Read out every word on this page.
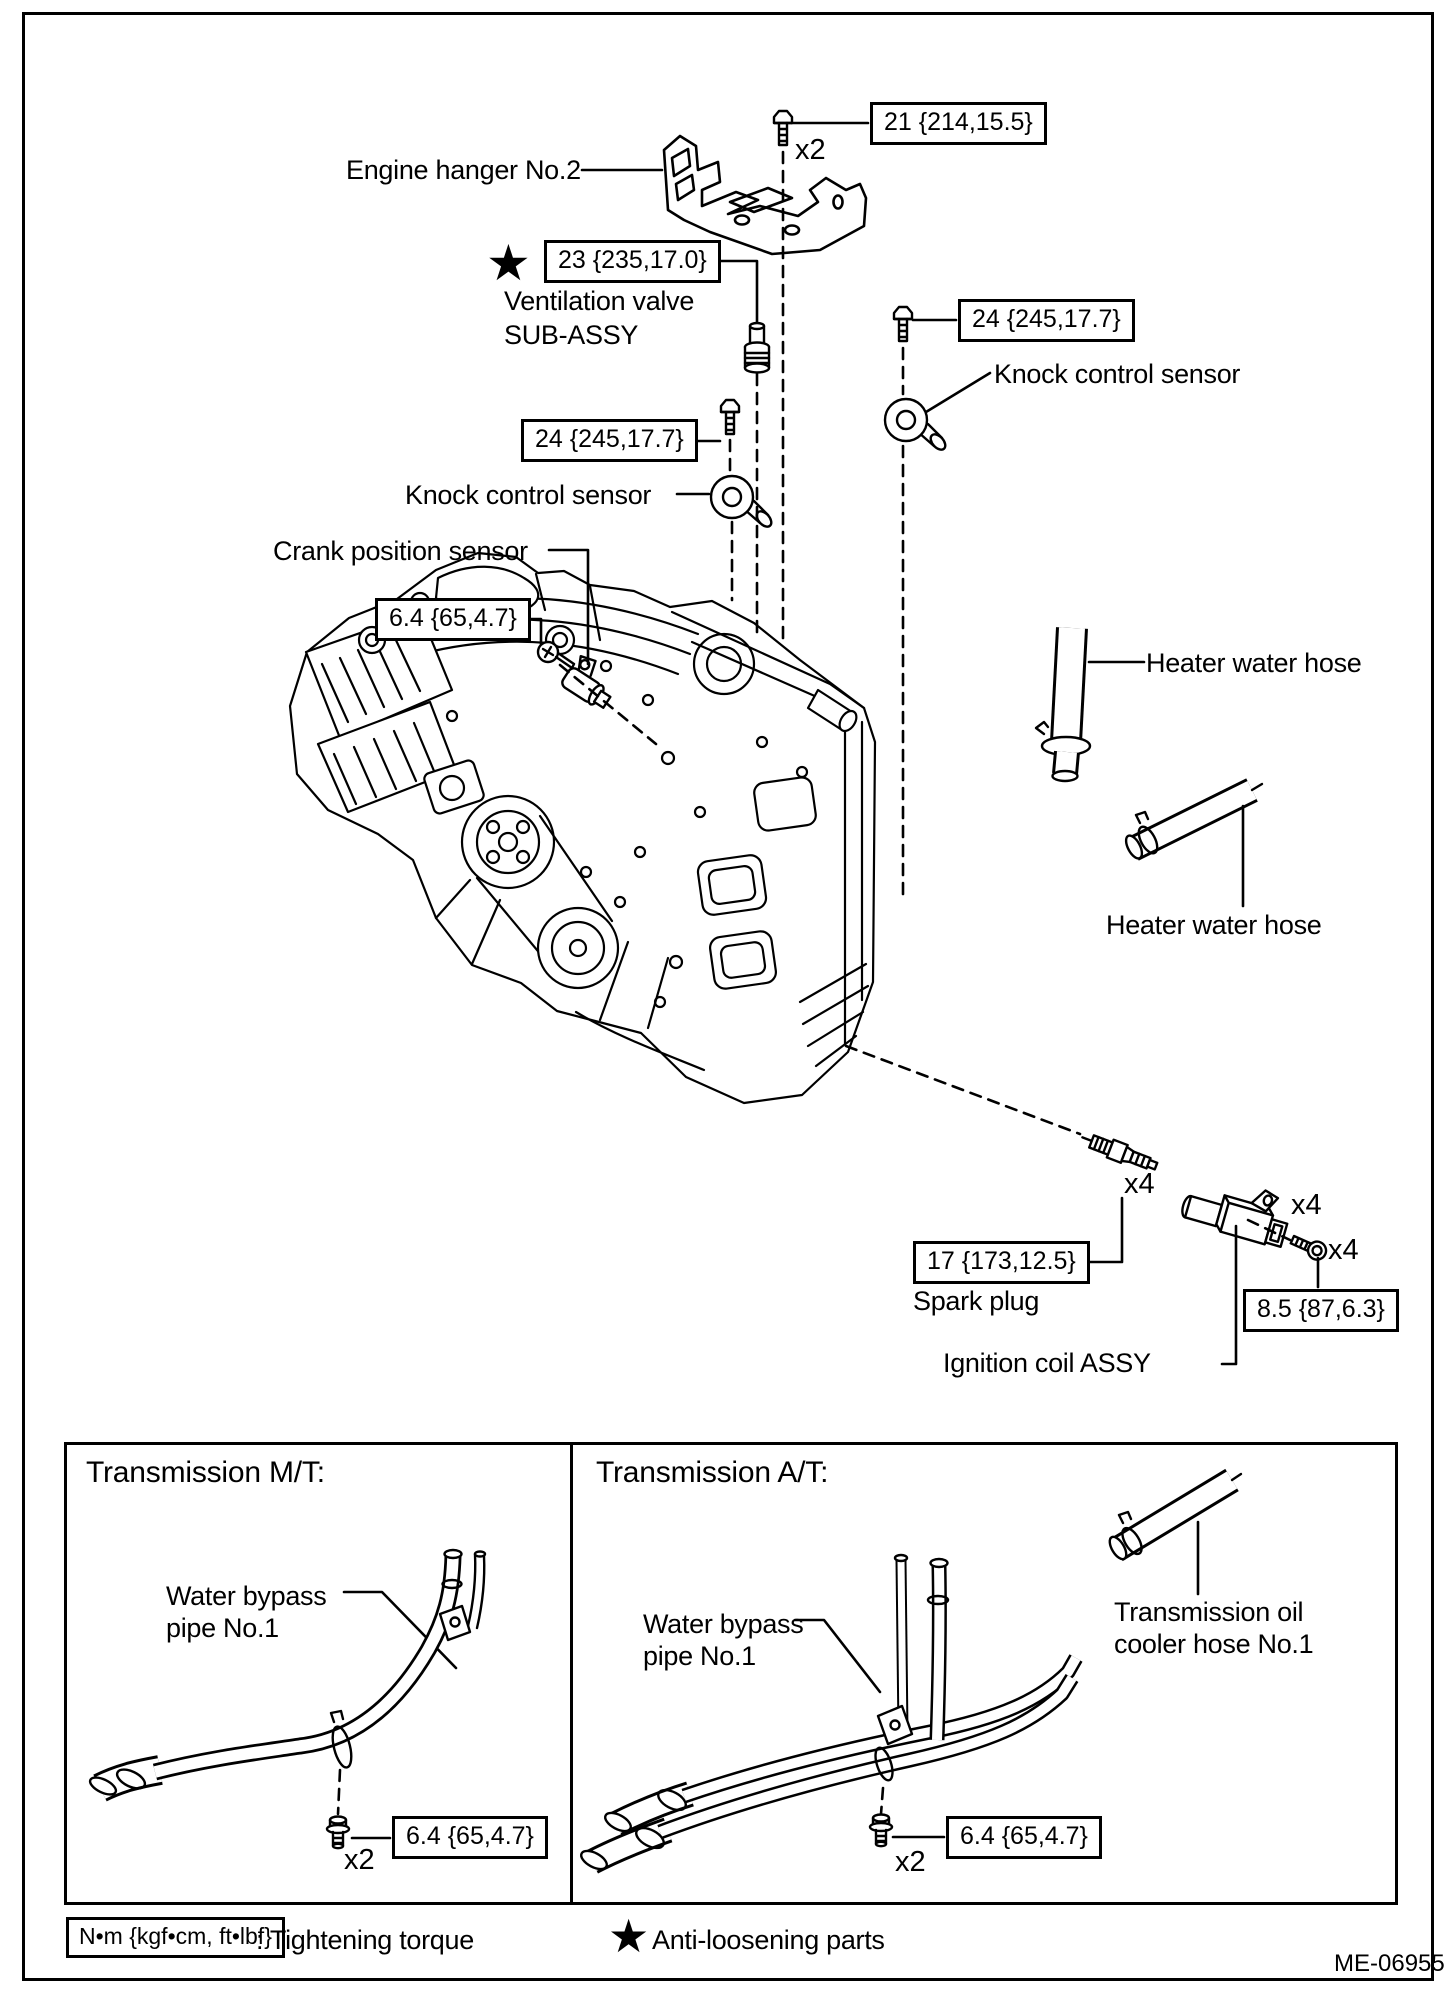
Engine hanger No.2
x2
21 {214,15.5}
★	23 {235,17.0}
Ventilation valve
SUB-ASSY
24 {245,17.7}
Knock control sensor
24 {245,17.7}
Knock control sensor
Crank position sensor
6.4 {65,4.7}
Heater water hose
Heater water hose
x4
x4
x4
17 {173,12.5}
Spark plug	8.5 {87,6.3}
Ignition coil ASSY
Transmission M/T:
Water bypass
pipe No.1
x2
6.4 {65,4.7}
Transmission A/T:
Water bypass
pipe No.1
Transmission oil
cooler hose No.1
x2
6.4 {65,4.7}
N•m {kgf•cm, ft•lbf}
: Tightening torque	★ Anti-loosening parts
ME-06955
